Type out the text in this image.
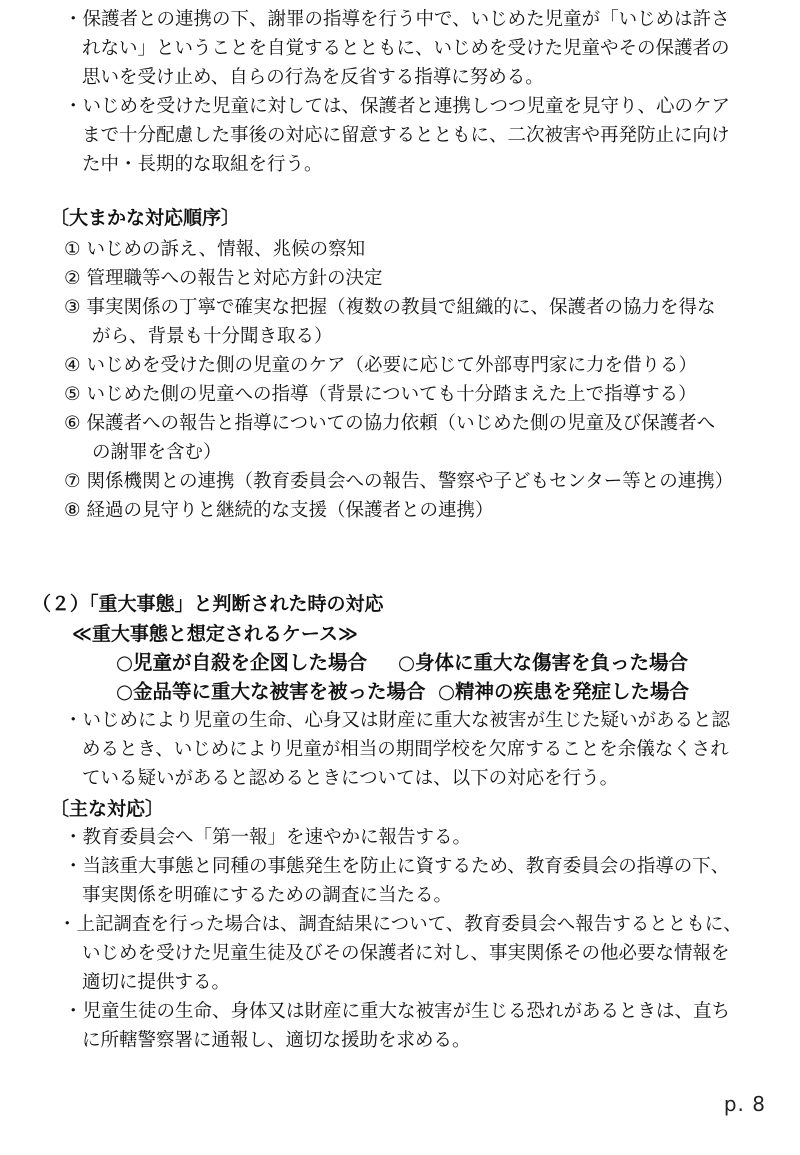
・保護者との連携の下、謝罪の指導を行う中で、いじめた児童が「いじめは許さ
れない」ということを自覚するとともに、いじめを受けた児童やその保護者の
思いを受け止め、自らの行為を反省する指導に努める。
・いじめを受けた児童に対しては、保護者と連携しつつ児童を見守り、心のケア
まで十分配慮した事後の対応に留意するとともに、二次被害や再発防止に向け
た中・長期的な取組を行う。
〔大まかな対応順序〕
① いじめの訴え、情報、兆候の察知
② 管理職等への報告と対応方針の決定
③ 事実関係の丁寧で確実な把握（複数の教員で組織的に、保護者の協力を得な
がら、背景も十分聞き取る）
④ いじめを受けた側の児童のケア（必要に応じて外部専門家に力を借りる）
⑤ いじめた側の児童への指導（背景についても十分踏まえた上で指導する）
⑥ 保護者への報告と指導についての協力依頼（いじめた側の児童及び保護者へ
の謝罪を含む）
⑦ 関係機関との連携（教育委員会への報告、警察や子どもセンター等との連携）
⑧ 経過の見守りと継続的な支援（保護者との連携）
（２）「重大事態」と判断された時の対応
≪重大事態と想定されるケース≫
○児童が自殺を企図した場合 ○身体に重大な傷害を負った場合
○金品等に重大な被害を被った場合 ○精神の疾患を発症した場合
・いじめにより児童の生命、心身又は財産に重大な被害が生じた疑いがあると認
めるとき、いじめにより児童が相当の期間学校を欠席することを余儀なくされ
ている疑いがあると認めるときについては、以下の対応を行う。
〔主な対応〕
・教育委員会へ「第一報」を速やかに報告する。
・当該重大事態と同種の事態発生を防止に資するため、教育委員会の指導の下、
事実関係を明確にするための調査に当たる。
・上記調査を行った場合は、調査結果について、教育委員会へ報告するとともに、
いじめを受けた児童生徒及びその保護者に対し、事実関係その他必要な情報を
適切に提供する。
・児童生徒の生命、身体又は財産に重大な被害が生じる恐れがあるときは、直ち
に所轄警察署に通報し、適切な援助を求める。
p. 8
